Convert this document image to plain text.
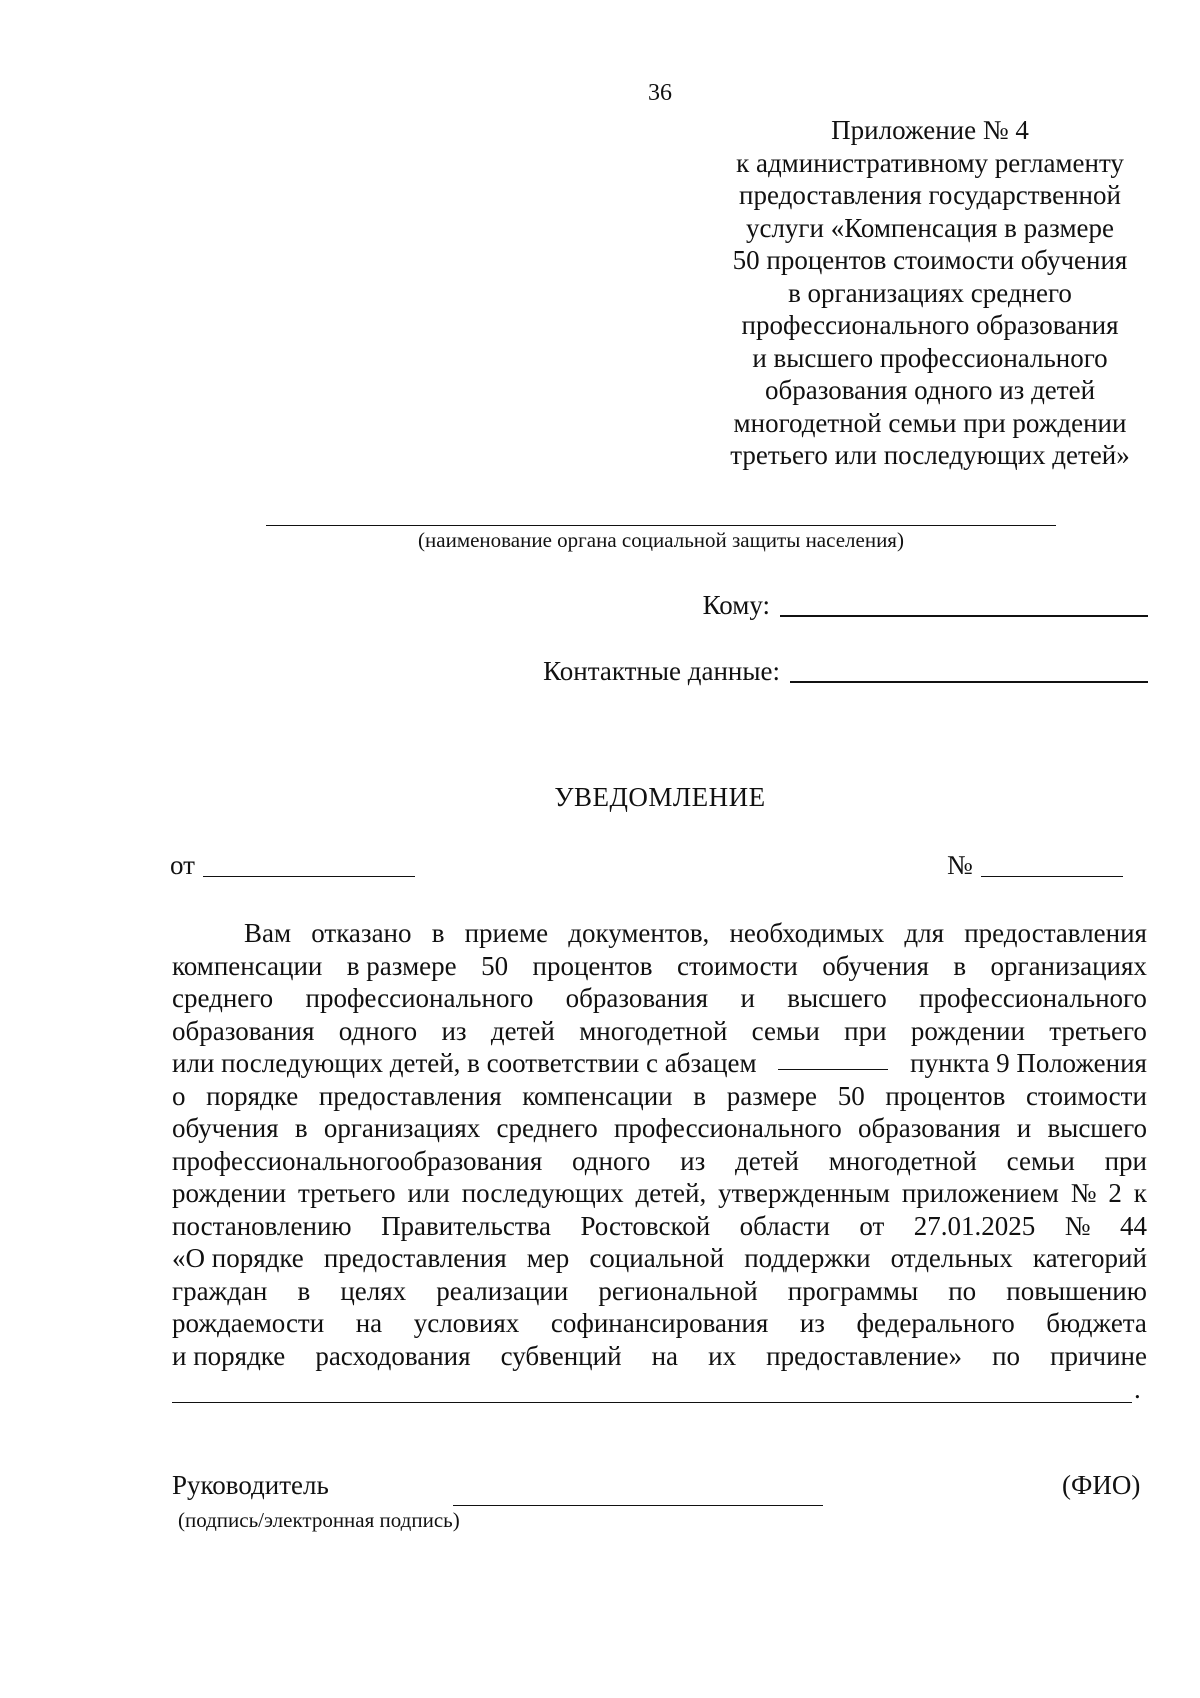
36
Приложение № 4
к административному регламенту
предоставления государственной
услуги «Компенсация в размере
50 процентов стоимости обучения
в организациях среднего
профессионального образования
и высшего профессионального
образования одного из детей
многодетной семьи при рождении
третьего или последующих детей»
(наименование органа социальной защиты населения)
Кому:
Контактные данные:
УВЕДОМЛЕНИЕ
от	№
Вам отказано в приеме документов, необходимых для предоставления
компенсации в размере 50 процентов стоимости обучения в организациях
среднего профессионального образования и высшего профессионального
образования одного из детей многодетной семьи при рождении третьего
или последующих детей, в соответствии с абзацем	пункта 9 Положения
о порядке предоставления компенсации в размере 50 процентов стоимости
обучения в организациях среднего профессионального образования и высшего
профессиональногообразования одного из детей многодетной семьи при
рождении третьего или последующих детей, утвержденным приложением № 2 к
постановлению Правительства Ростовской области от 27.01.2025 № 44
«О порядке предоставления мер социальной поддержки отдельных категорий
граждан в целях реализации региональной программы по повышению
рождаемости на условиях софинансирования из федерального бюджета
и порядке расходования субвенций на их предоставление» по причине
.
Руководитель	(ФИО)
(подпись/электронная подпись)
